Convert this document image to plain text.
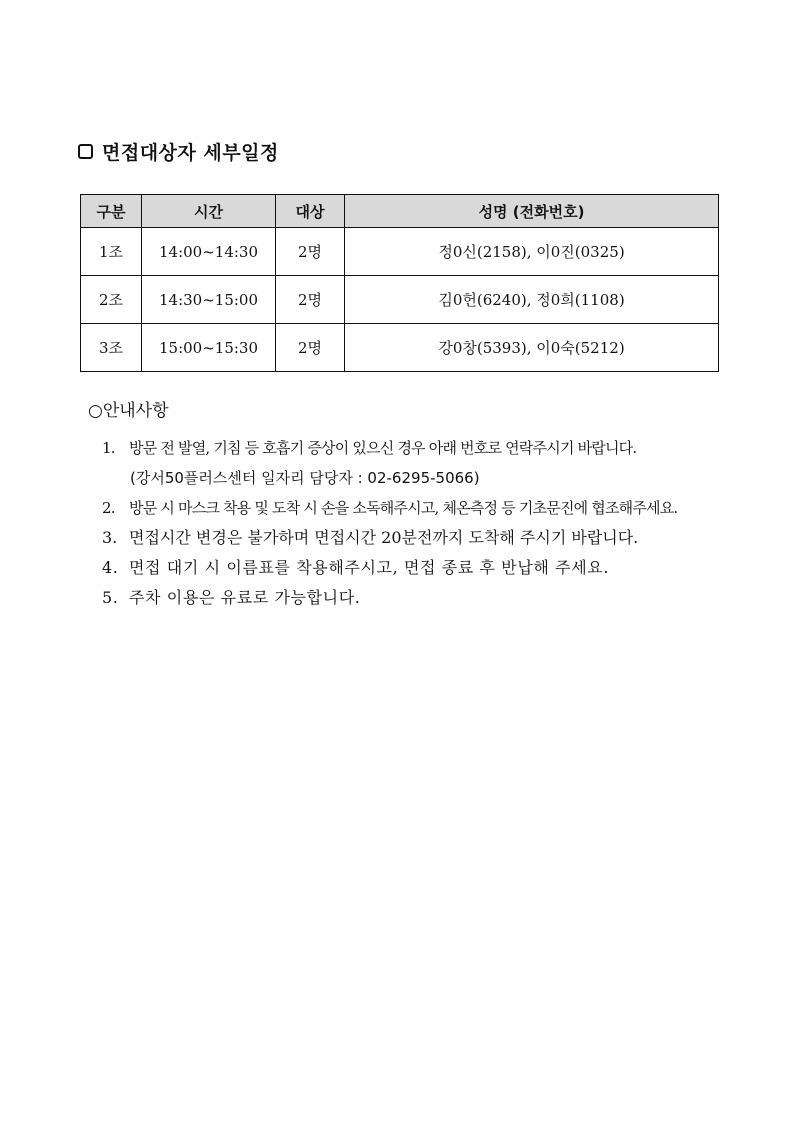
면접대상자 세부일정
구분	시간	대상	성명 (전화번호)
1조	14:00~14:30	2명	정0신(2158), 이0진(0325)
2조	14:30~15:00	2명	김0헌(6240), 정0희(1108)
3조	15:00~15:30	2명	강0창(5393), 이0숙(5212)
○안내사항
1. 방문 전 발열, 기침 등 호흡기 증상이 있으신 경우 아래 번호로 연락주시기 바랍니다.
(강서50플러스센터 일자리 담당자 : 02-6295-5066)
2. 방문 시 마스크 착용 및 도착 시 손을 소독해주시고, 체온측정 등 기초문진에 협조해주세요.
3. 면접시간 변경은 불가하며 면접시간 20분전까지 도착해 주시기 바랍니다.
4. 면접 대기 시 이름표를 착용해주시고, 면접 종료 후 반납해 주세요.
5. 주차 이용은 유료로 가능합니다.
